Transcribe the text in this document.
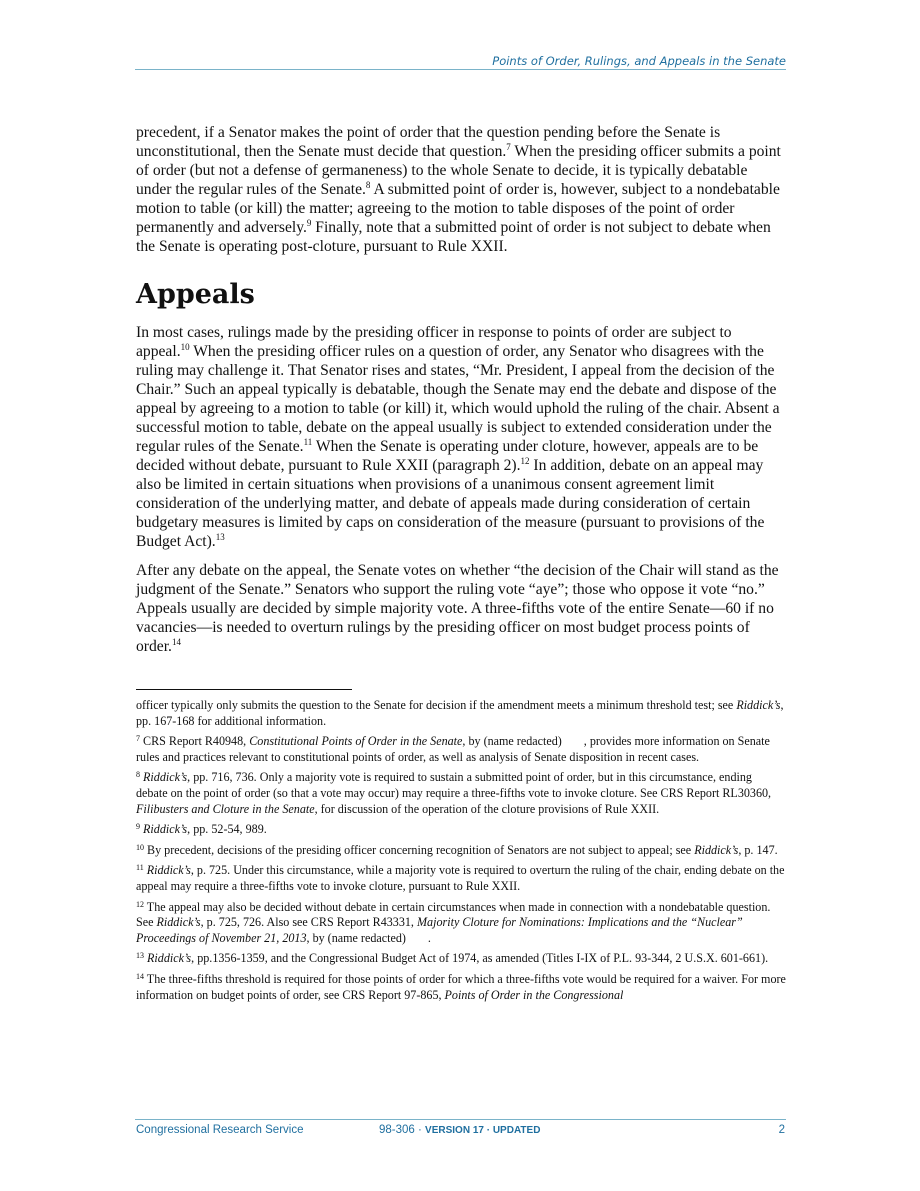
Points of Order, Rulings, and Appeals in the Senate

precedent, if a Senator makes the point of order that the question pending before the Senate is unconstitutional, then the Senate must decide that question.$^7$ When the presiding officer submits a point of order (but not a defense of germaneness) to the whole Senate to decide, it is typically debatable under the regular rules of the Senate.$^8$ A submitted point of order is, however, subject to a nondebatable motion to table (or kill) the matter; agreeing to the motion to table disposes of the point of order permanently and adversely.$^9$ Finally, note that a submitted point of order is not subject to debate when the Senate is operating post-cloture, pursuant to Rule XXII.

Appeals

In most cases, rulings made by the presiding officer in response to points of order are subject to appeal.$^{10}$ When the presiding officer rules on a question of order, any Senator who disagrees with the ruling may challenge it. That Senator rises and states, “Mr. President, I appeal from the decision of the Chair.” Such an appeal typically is debatable, though the Senate may end the debate and dispose of the appeal by agreeing to a motion to table (or kill) it, which would uphold the ruling of the chair. Absent a successful motion to table, debate on the appeal usually is subject to extended consideration under the regular rules of the Senate.$^{11}$ When the Senate is operating under cloture, however, appeals are to be decided without debate, pursuant to Rule XXII (paragraph 2).$^{12}$ In addition, debate on an appeal may also be limited in certain situations when provisions of a unanimous consent agreement limit consideration of the underlying matter, and debate of appeals made during consideration of certain budgetary measures is limited by caps on consideration of the measure (pursuant to provisions of the Budget Act).$^{13}$

After any debate on the appeal, the Senate votes on whether “the decision of the Chair will stand as the judgment of the Senate.” Senators who support the ruling vote “aye”; those who oppose it vote “no.” Appeals usually are decided by simple majority vote. A three-fifths vote of the entire Senate—60 if no vacancies—is needed to overturn rulings by the presiding officer on most budget process points of order.$^{14}$

officer typically only submits the question to the Senate for decision if the amendment meets a minimum threshold test; see Riddick’s, pp. 167-168 for additional information.
$^7$ CRS Report R40948, Constitutional Points of Order in the Senate, by (name redacted) , provides more information on Senate rules and practices relevant to constitutional points of order, as well as analysis of Senate disposition in recent cases.
$^8$ Riddick’s, pp. 716, 736. Only a majority vote is required to sustain a submitted point of order, but in this circumstance, ending debate on the point of order (so that a vote may occur) may require a three-fifths vote to invoke cloture. See CRS Report RL30360, Filibusters and Cloture in the Senate, for discussion of the operation of the cloture provisions of Rule XXII.
$^9$ Riddick’s, pp. 52-54, 989.
$^{10}$ By precedent, decisions of the presiding officer concerning recognition of Senators are not subject to appeal; see Riddick’s, p. 147.
$^{11}$ Riddick’s, p. 725. Under this circumstance, while a majority vote is required to overturn the ruling of the chair, ending debate on the appeal may require a three-fifths vote to invoke cloture, pursuant to Rule XXII.
$^{12}$ The appeal may also be decided without debate in certain circumstances when made in connection with a nondebatable question. See Riddick’s, p. 725, 726. Also see CRS Report R43331, Majority Cloture for Nominations: Implications and the “Nuclear” Proceedings of November 21, 2013, by (name redacted) .
$^{13}$ Riddick’s, pp.1356-1359, and the Congressional Budget Act of 1974, as amended (Titles I-IX of P.L. 93-344, 2 U.S.X. 601-661).
$^{14}$ The three-fifths threshold is required for those points of order for which a three-fifths vote would be required for a waiver. For more information on budget points of order, see CRS Report 97-865, Points of Order in the Congressional
Congressional Research Service	98-306 · VERSION 17 · UPDATED	2
